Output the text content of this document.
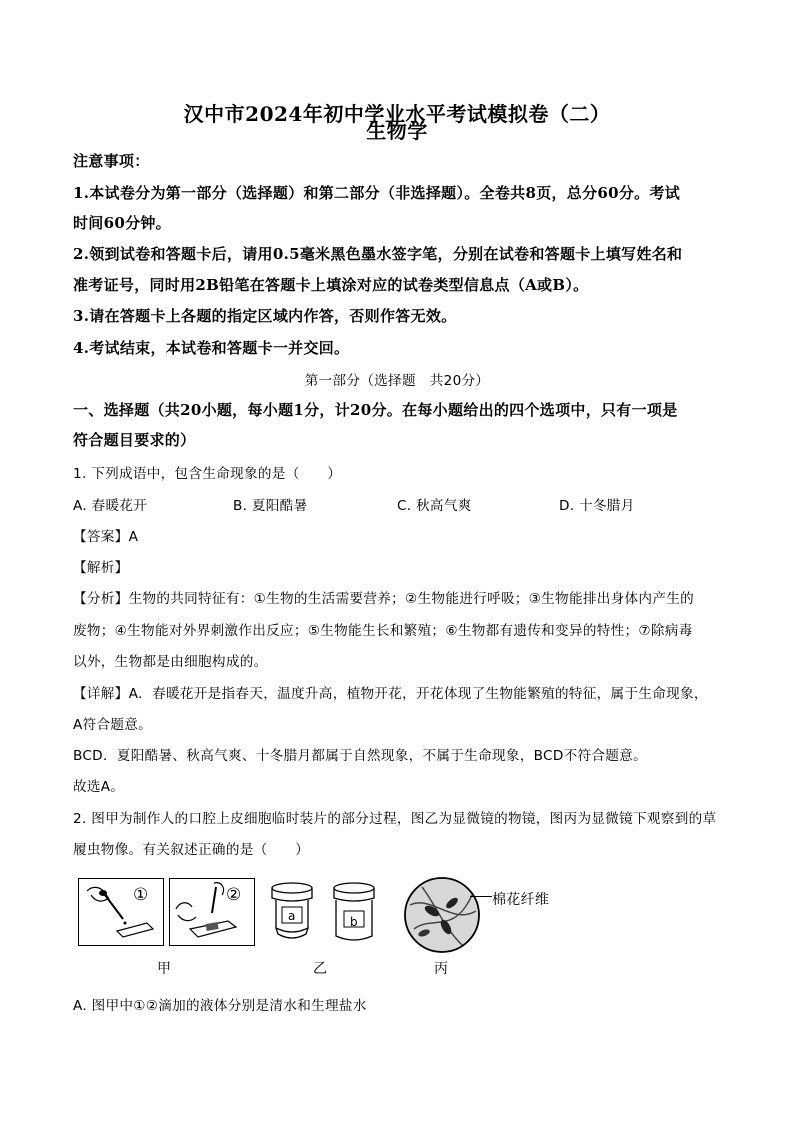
汉中市2024年初中学业水平考试模拟卷（二）
生物学
注意事项：
1.本试卷分为第一部分（选择题）和第二部分（非选择题）。全卷共8页，总分60分。考试
时间60分钟。
2.领到试卷和答题卡后，请用0.5毫米黑色墨水签字笔，分别在试卷和答题卡上填写姓名和
准考证号，同时用2B铅笔在答题卡上填涂对应的试卷类型信息点（A或B）。
3.请在答题卡上各题的指定区域内作答，否则作答无效。
4.考试结束，本试卷和答题卡一并交回。
第一部分（选择题　共20分）
一、选择题（共20小题，每小题1分，计20分。在每小题给出的四个选项中，只有一项是
符合题目要求的）
1. 下列成语中，包含生命现象的是（　　）
A. 春暖花开	B. 夏阳酷暑	C. 秋高气爽	D. 十冬腊月
【答案】A
【解析】
【分析】生物的共同特征有：①生物的生活需要营养；②生物能进行呼吸；③生物能排出身体内产生的
废物；④生物能对外界刺激作出反应；⑤生物能生长和繁殖；⑥生物都有遗传和变异的特性；⑦除病毒
以外，生物都是由细胞构成的。
【详解】A．春暖花开是指春天，温度升高，植物开花，开花体现了生物能繁殖的特征，属于生命现象，
A符合题意。
BCD．夏阳酷暑、秋高气爽、十冬腊月都属于自然现象，不属于生命现象，BCD不符合题意。
故选A。
2. 图甲为制作人的口腔上皮细胞临时装片的部分过程，图乙为显微镜的物镜，图丙为显微镜下观察到的草
履虫物像。有关叙述正确的是（　　）
①	②
甲
a	b
乙
棉花纤维
丙
A. 图甲中①②滴加的液体分别是清水和生理盐水
